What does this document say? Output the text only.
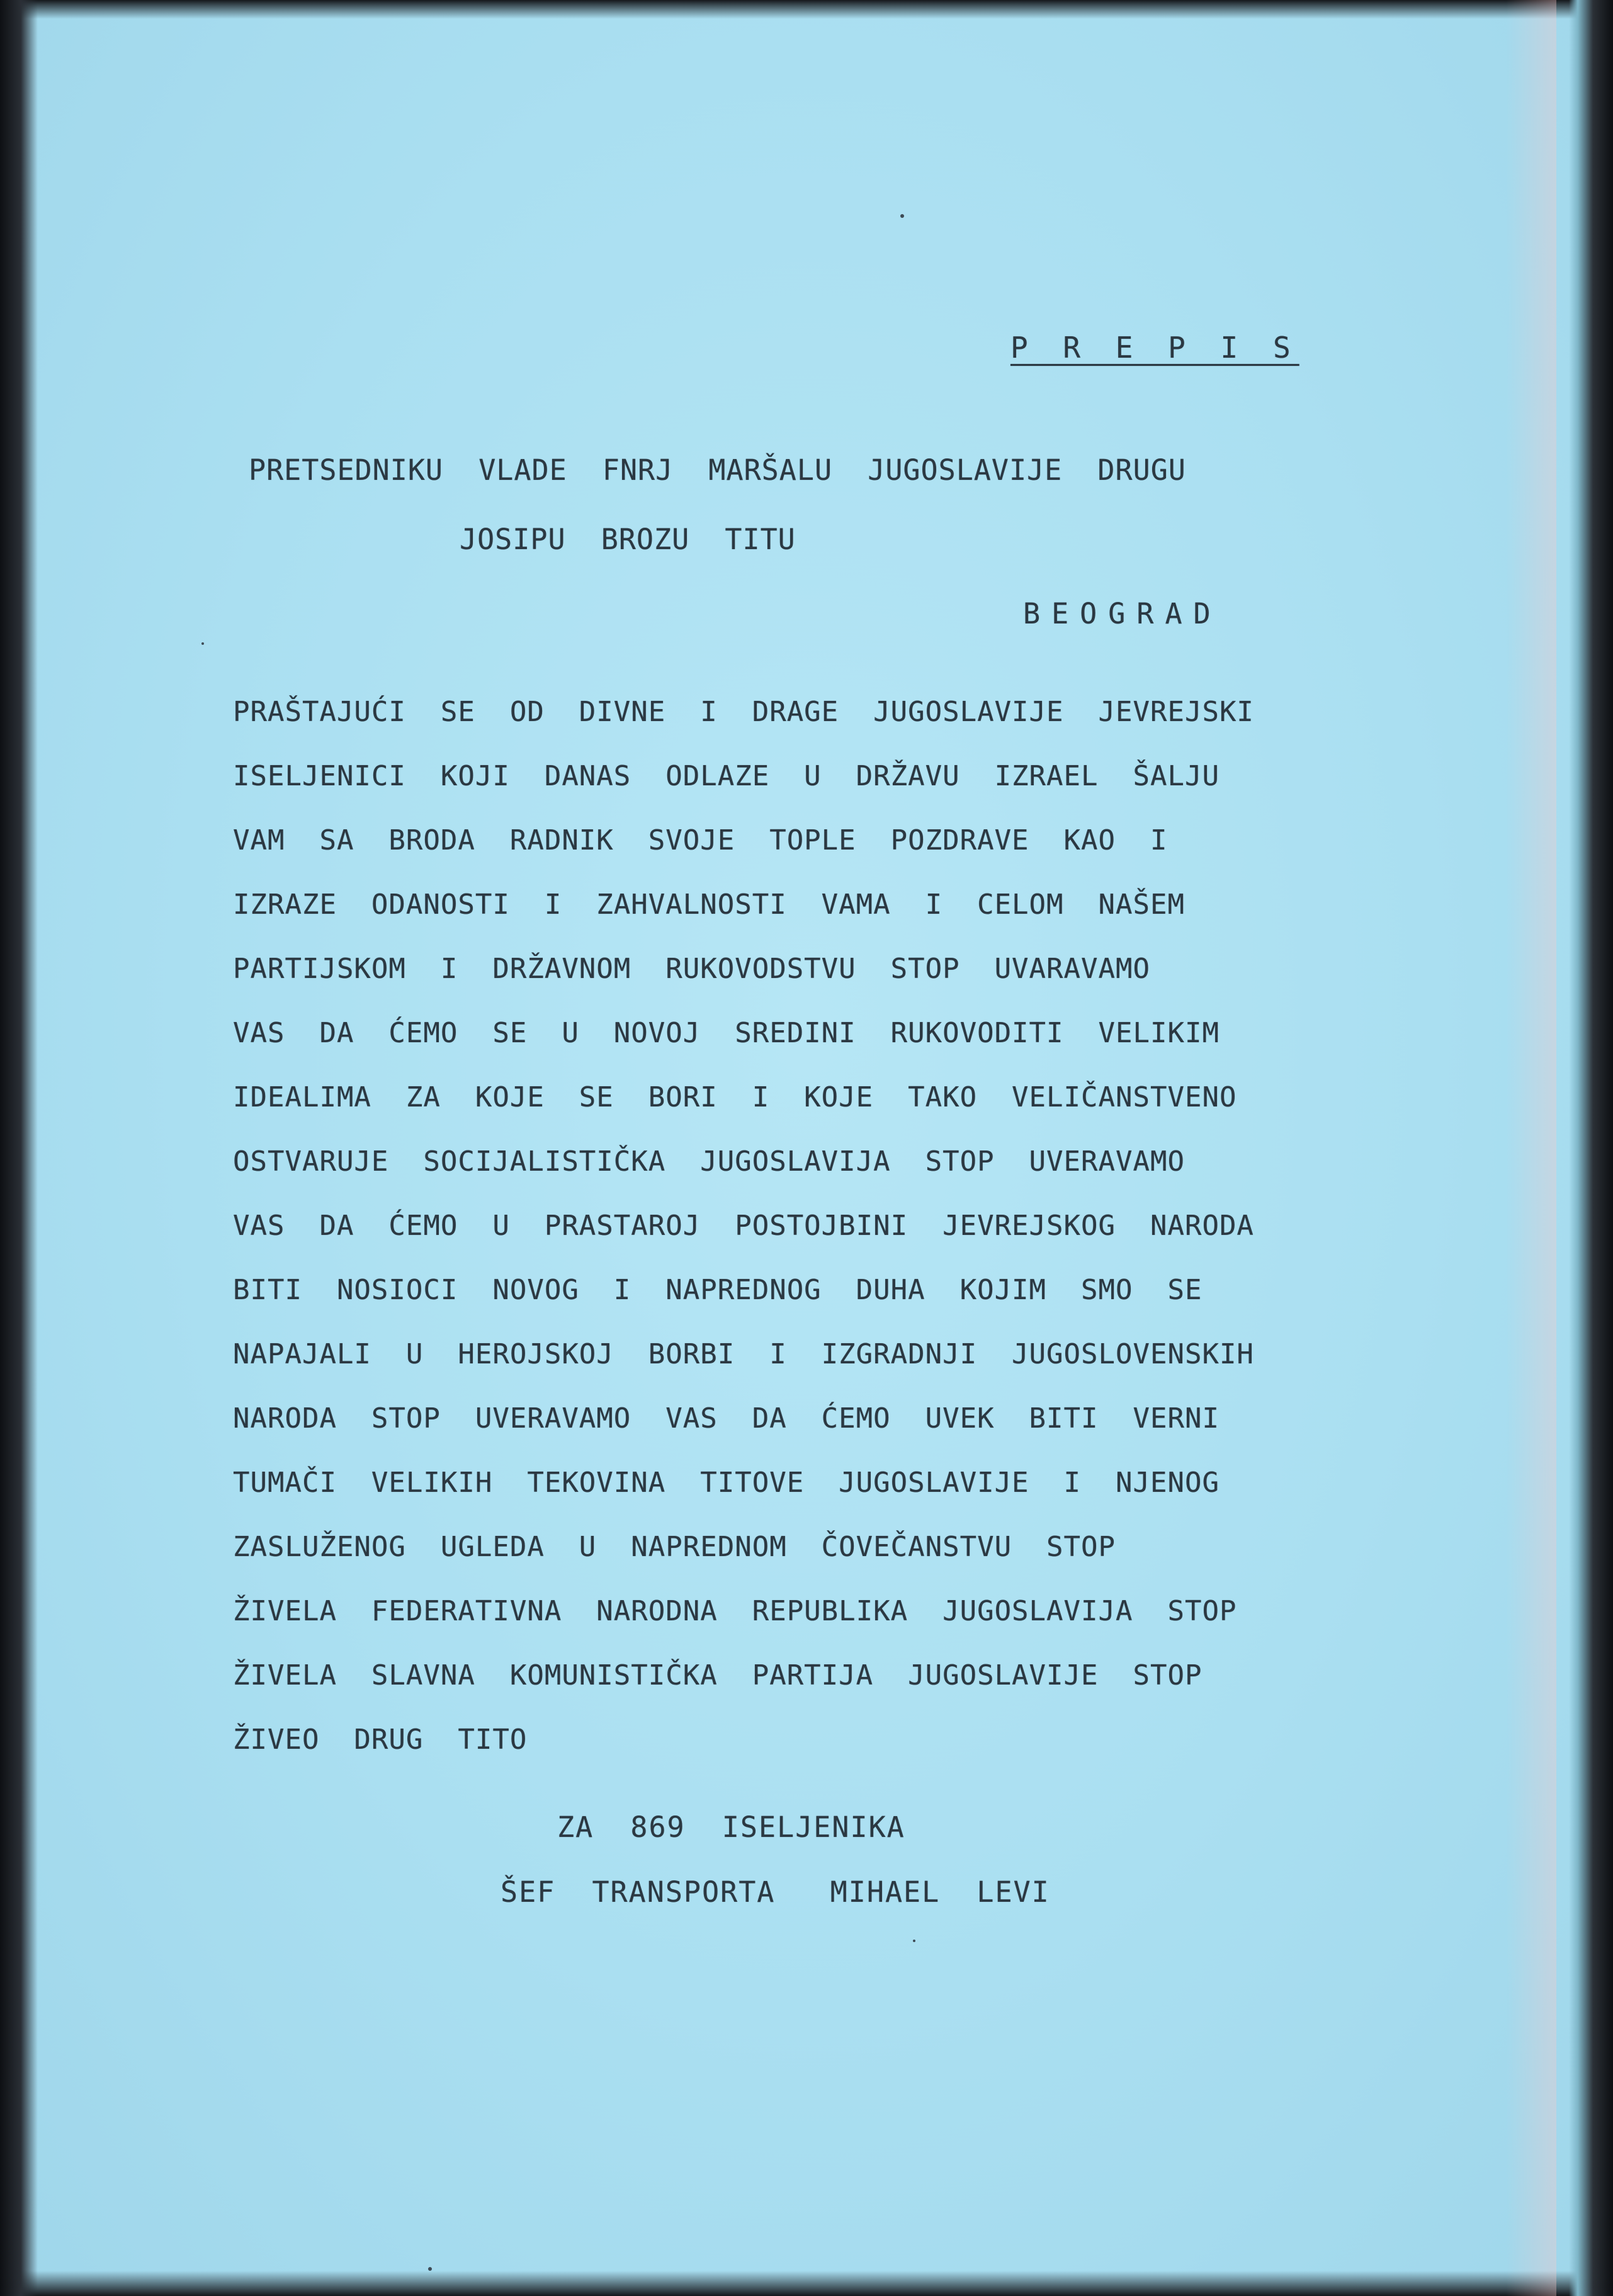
P R E P I S
PRETSEDNIKU  VLADE  FNRJ  MARŠALU  JUGOSLAVIJE  DRUGU
JOSIPU  BROZU  TITU
BEOGRAD
PRAŠTAJUĆI  SE  OD  DIVNE  I  DRAGE  JUGOSLAVIJE  JEVREJSKI
ISELJENICI  KOJI  DANAS  ODLAZE  U  DRŽAVU  IZRAEL  ŠALJU
VAM  SA  BRODA  RADNIK  SVOJE  TOPLE  POZDRAVE  KAO  I
IZRAZE  ODANOSTI  I  ZAHVALNOSTI  VAMA  I  CELOM  NAŠEM
PARTIJSKOM  I  DRŽAVNOM  RUKOVODSTVU  STOP  UVARAVAMO
VAS  DA  ĆEMO  SE  U  NOVOJ  SREDINI  RUKOVODITI  VELIKIM
IDEALIMA  ZA  KOJE  SE  BORI  I  KOJE  TAKO  VELIČANSTVENO
OSTVARUJE  SOCIJALISTIČKA  JUGOSLAVIJA  STOP  UVERAVAMO
VAS  DA  ĆEMO  U  PRASTAROJ  POSTOJBINI  JEVREJSKOG  NARODA
BITI  NOSIOCI  NOVOG  I  NAPREDNOG  DUHA  KOJIM  SMO  SE
NAPAJALI  U  HEROJSKOJ  BORBI  I  IZGRADNJI  JUGOSLOVENSKIH
NARODA  STOP  UVERAVAMO  VAS  DA  ĆEMO  UVEK  BITI  VERNI
TUMAČI  VELIKIH  TEKOVINA  TITOVE  JUGOSLAVIJE  I  NJENOG
ZASLUŽENOG  UGLEDA  U  NAPREDNOM  ČOVEČANSTVU  STOP
ŽIVELA  FEDERATIVNA  NARODNA  REPUBLIKA  JUGOSLAVIJA  STOP
ŽIVELA  SLAVNA  KOMUNISTIČKA  PARTIJA  JUGOSLAVIJE  STOP
ŽIVEO  DRUG  TITO
ZA  869  ISELJENIKA
ŠEF  TRANSPORTA   MIHAEL  LEVI
